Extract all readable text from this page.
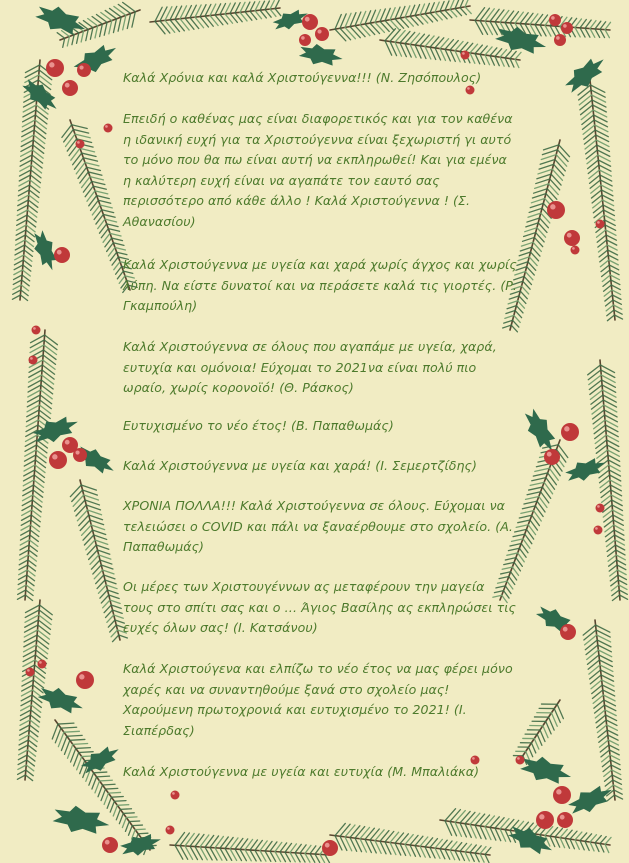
Καλά Χρόνια και καλά Χριστούγεννα!!! (Ν. Ζησόπουλος)

Επειδή ο καθένας μας είναι διαφορετικός και για τον καθένα η ιδανική ευχή για τα Χριστούγεννα είναι ξεχωριστή γι αυτό το μόνο που θα πω είναι αυτή να εκπληρωθεί! Και για εμένα η καλύτερη ευχή είναι να αγαπάτε τον εαυτό σας περισσότερο από κάθε άλλο ! Καλά Χριστούγεννα ! (Σ. Αθανασίου)

Καλά Χριστούγεννα με υγεία και χαρά χωρίς άγχος και χωρίς λύπη. Να είστε δυνατοί και να περάσετε καλά τις γιορτές. (Ρ. Γκαμπούλη)

Καλά Χριστούγεννα σε όλους που αγαπάμε με υγεία, χαρά, ευτυχία και ομόνοια! Εύχομαι το 2021να είναι πολύ πιο ωραίο, χωρίς κορονοϊό! (Θ. Ράσκος)

Ευτυχισμένο το νέο έτος! (Β. Παπαθωμάς)

Καλά Χριστούγεννα με υγεία και χαρά! (Ι. Σεμερτζίδης)

ΧΡΟΝΙΑ ΠΟΛΛΑ!!! Καλά Χριστούγεννα σε όλους. Εύχομαι να τελειώσει ο COVID και πάλι να ξαναέρθουμε στο σχολείο. (Α. Παπαθωμάς)

Οι μέρες των Χριστουγέννων ας μεταφέρουν την μαγεία τους στο σπίτι σας και ο … Άγιος Βασίλης ας εκπληρώσει τις ευχές όλων σας! (Ι. Κατσάνου)

Καλά Χριστούγενα και ελπίζω το νέο έτος να μας φέρει μόνο χαρές και να συναντηθούμε ξανά στο σχολείο μας! Χαρούμενη πρωτοχρονιά και ευτυχισμένο το 2021! (Ι. Σιαπέρδας)

Καλά Χριστούγεννα με υγεία και ευτυχία (Μ. Μπαλιάκα)
